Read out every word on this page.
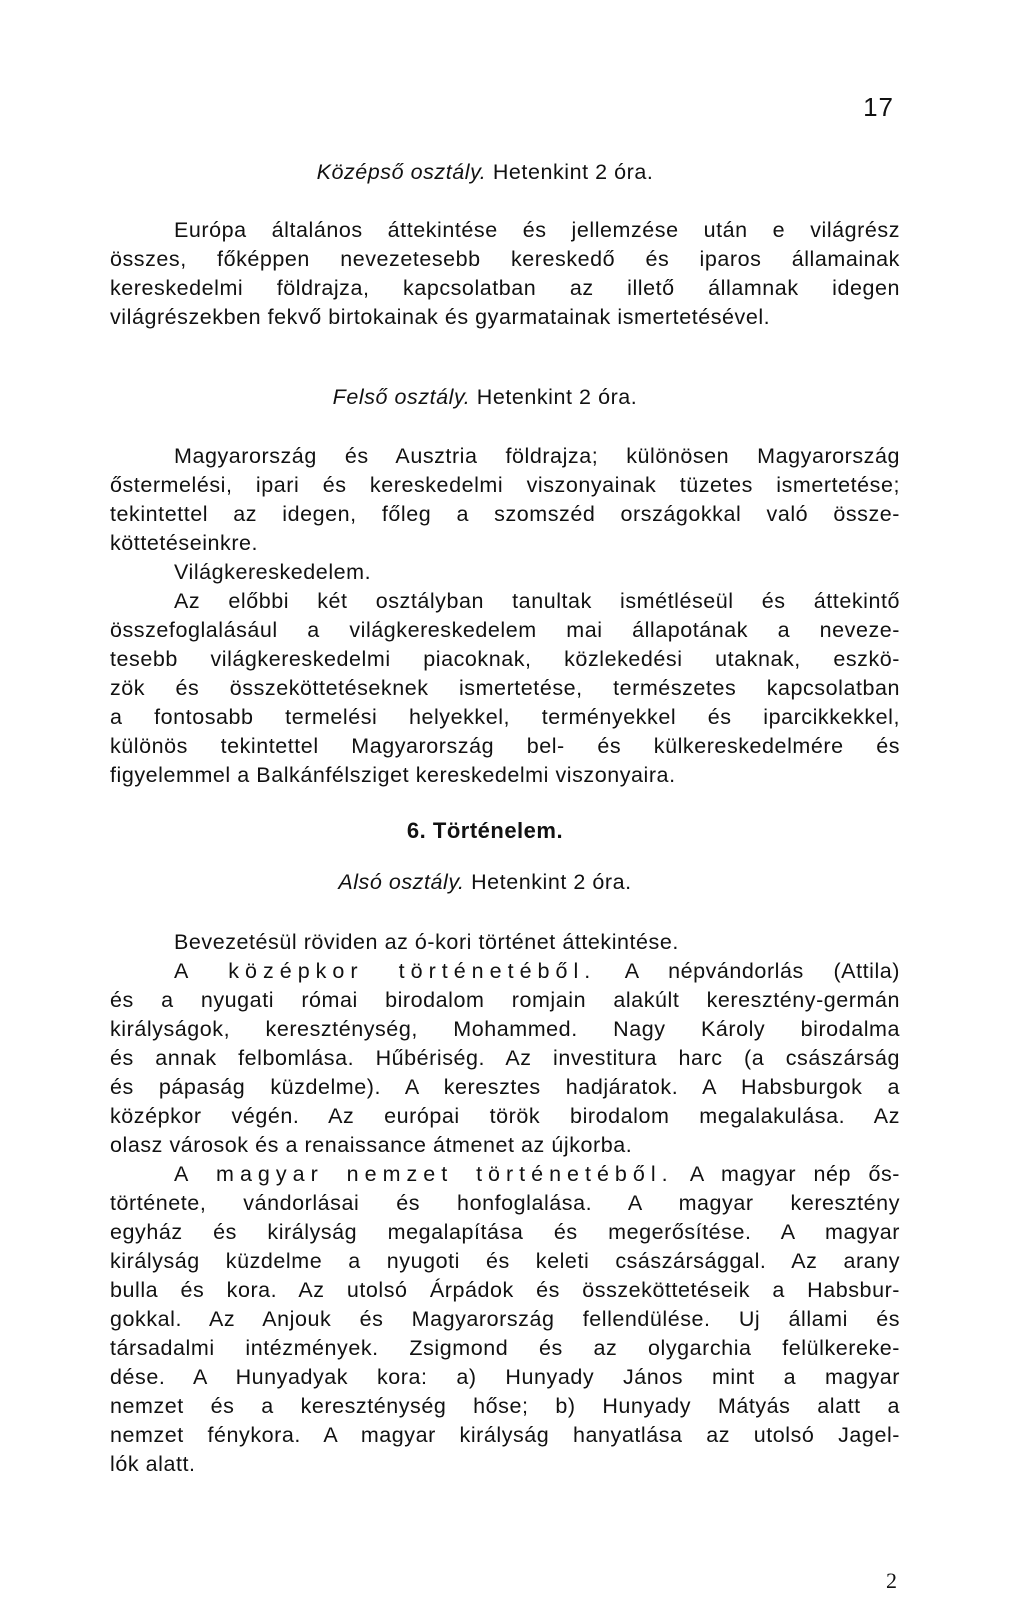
17
Középső osztály. Hetenkint 2 óra.
Európa általános áttekintése és jellemzése után e világrész
összes, főképpen nevezetesebb kereskedő és iparos államainak
kereskedelmi földrajza, kapcsolatban az illető államnak idegen
világrészekben fekvő birtokainak és gyarmatainak ismertetésével.
Felső osztály. Hetenkint 2 óra.
Magyarország és Ausztria földrajza; különösen Magyarország
őstermelési, ipari és kereskedelmi viszonyainak tüzetes ismertetése;
tekintettel az idegen, főleg a szomszéd országokkal való össze-
köttetéseinkre.
Világkereskedelem.
Az előbbi két osztályban tanultak ismétléseül és áttekintő
összefoglalásául a világkereskedelem mai állapotának a neveze-
tesebb világkereskedelmi piacoknak, közlekedési utaknak, eszkö-
zök és összeköttetéseknek ismertetése, természetes kapcsolatban
a fontosabb termelési helyekkel, terményekkel és iparcikkekkel,
különös tekintettel Magyarország bel- és külkereskedelmére és
figyelemmel a Balkánfélsziget kereskedelmi viszonyaira.
6. Történelem.
Alsó osztály. Hetenkint 2 óra.
Bevezetésül röviden az ó-kori történet áttekintése.
A középkor történetéből. A népvándorlás (Attila)
és a nyugati római birodalom romjain alakúlt keresztény-germán
királyságok, kereszténység, Mohammed. Nagy Károly birodalma
és annak felbomlása. Hűbériség. Az investitura harc (a császárság
és pápaság küzdelme). A keresztes hadjáratok. A Habsburgok a
középkor végén. Az európai török birodalom megalakulása. Az
olasz városok és a renaissance átmenet az újkorba.
A magyar nemzet történetéből. A magyar nép ős-
története, vándorlásai és honfoglalása. A magyar keresztény
egyház és királyság megalapítása és megerősítése. A magyar
királyság küzdelme a nyugoti és keleti császársággal. Az arany
bulla és kora. Az utolsó Árpádok és összeköttetéseik a Habsbur-
gokkal. Az Anjouk és Magyarország fellendülése. Uj állami és
társadalmi intézmények. Zsigmond és az olygarchia felülkereke-
dése. A Hunyadyak kora: a) Hunyady János mint a magyar
nemzet és a kereszténység hőse; b) Hunyady Mátyás alatt a
nemzet fénykora. A magyar királyság hanyatlása az utolsó Jagel-
lók alatt.
2
